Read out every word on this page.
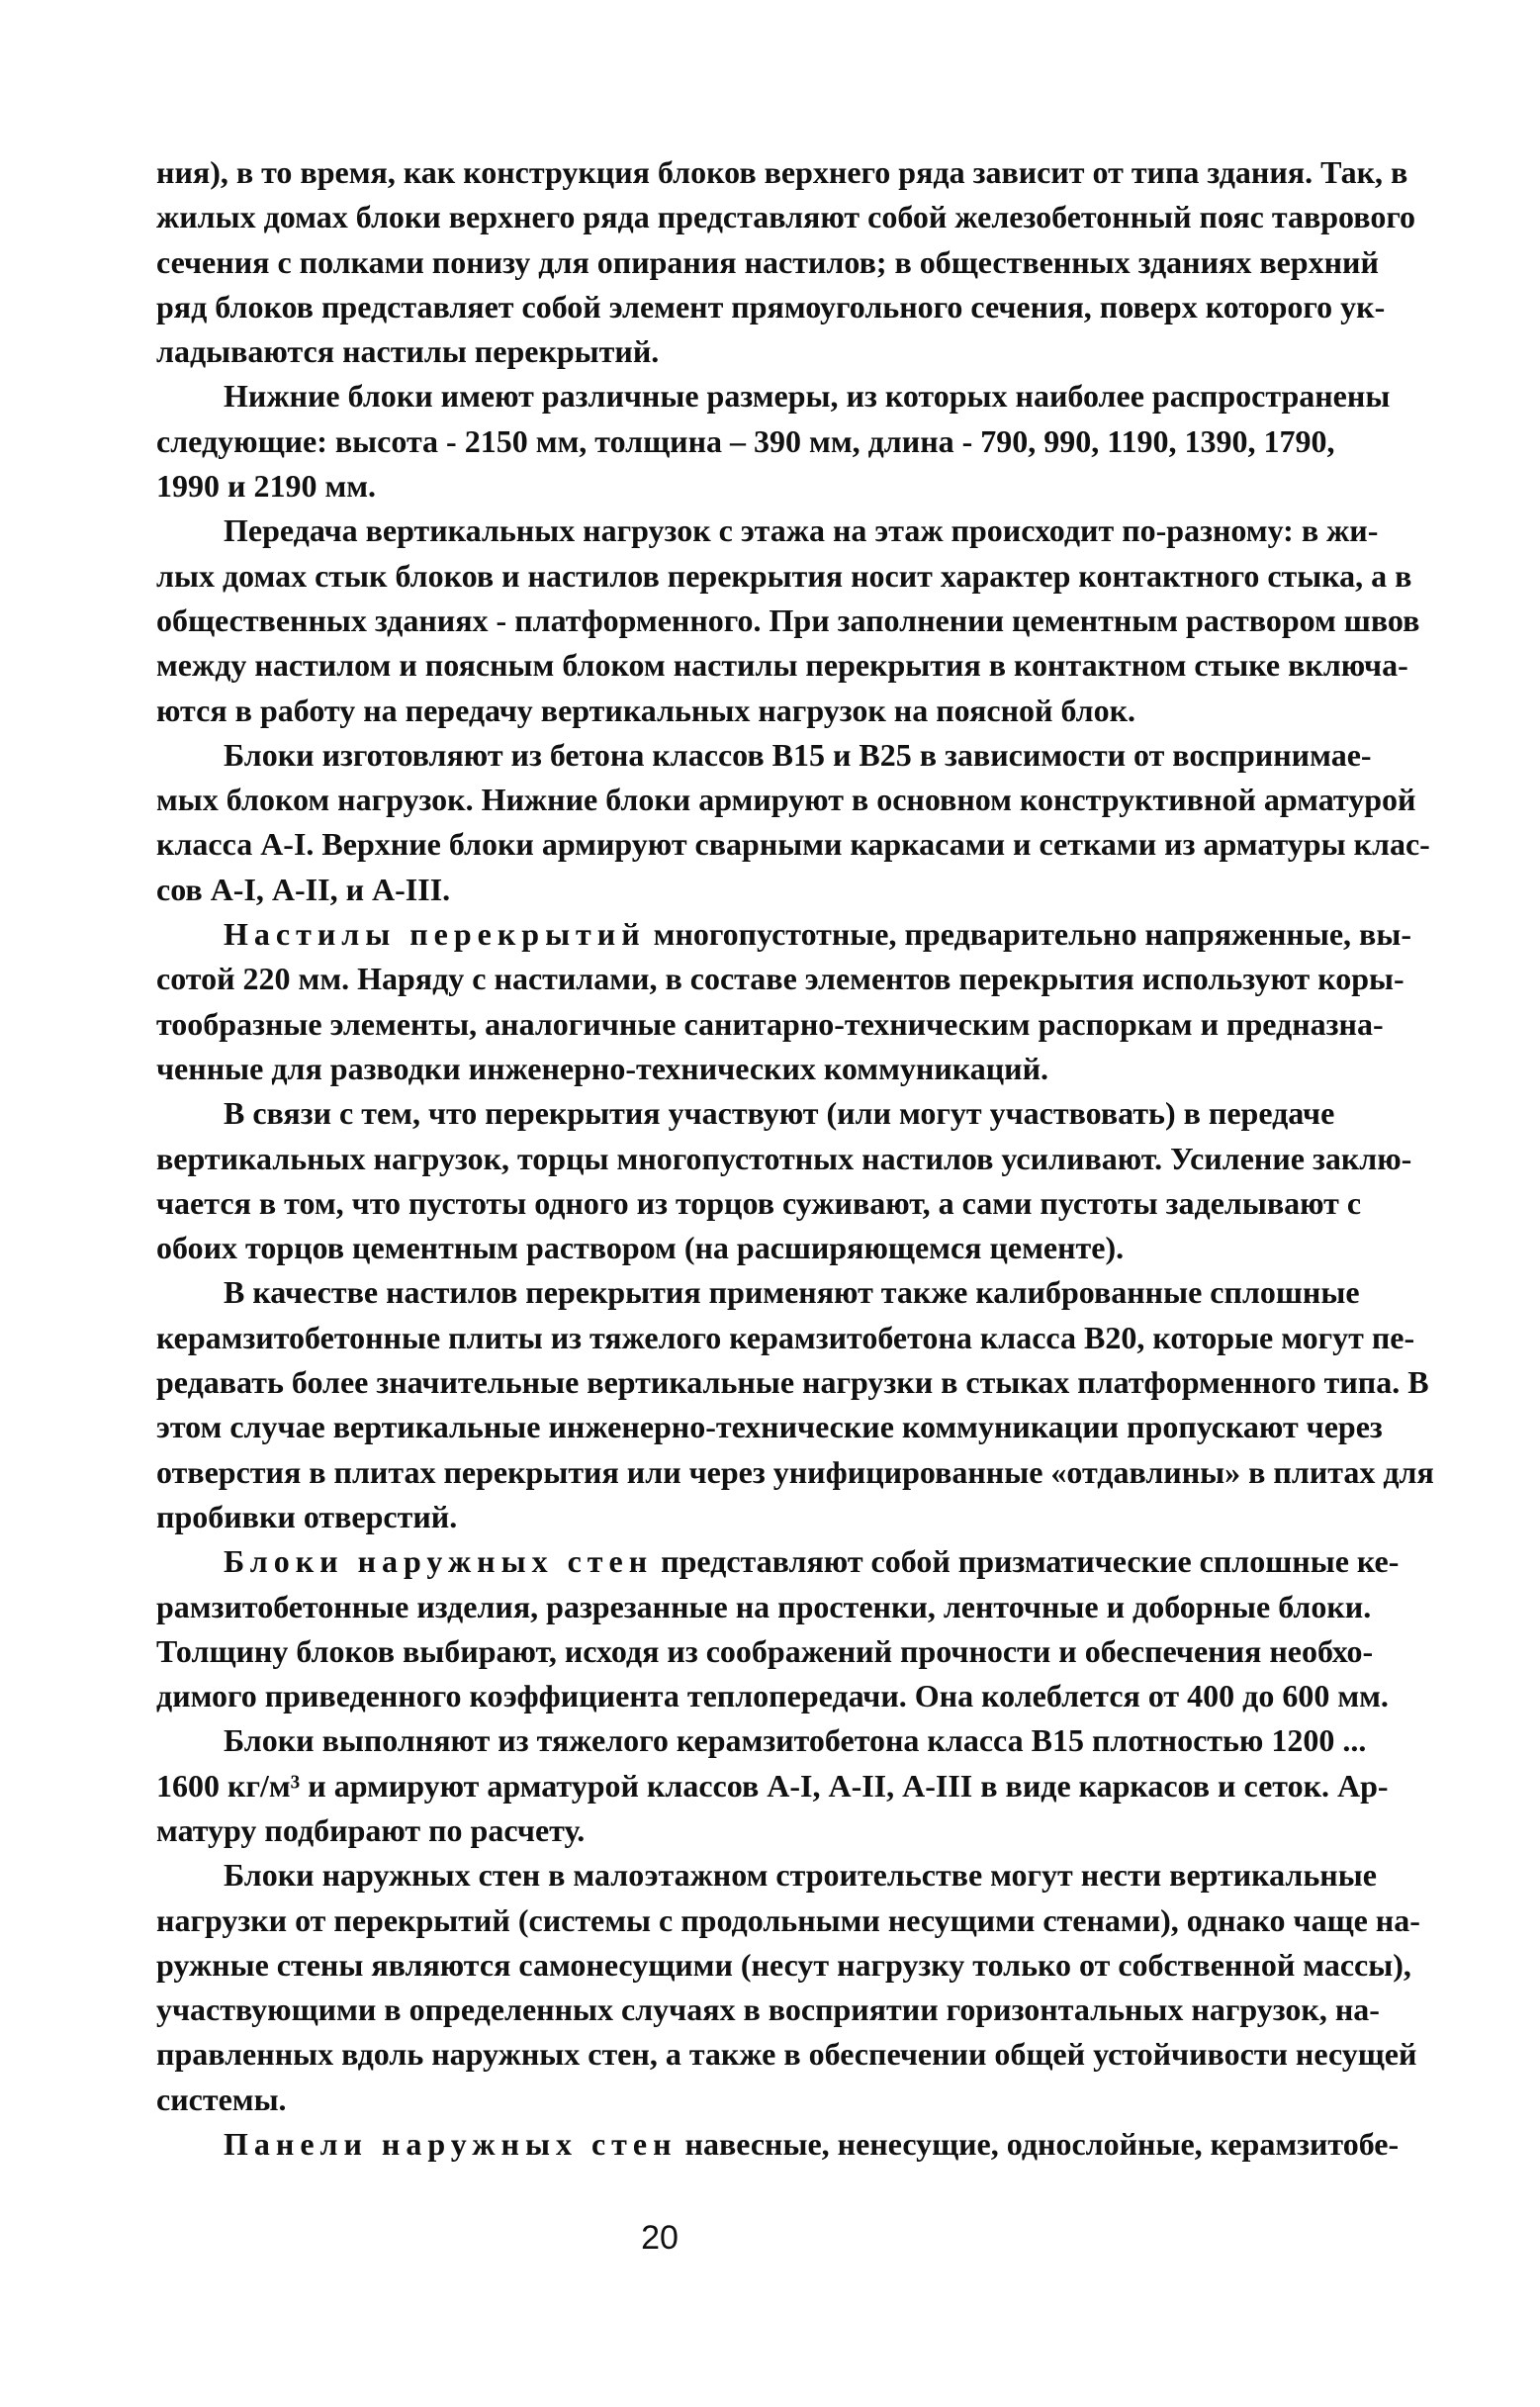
ния), в то время, как конструкция блоков верхнего ряда зависит от типа здания. Так, в
жилых домах блоки верхнего ряда представляют собой железобетонный пояс таврового
сечения с полками понизу для опирания настилов; в общественных зданиях верхний
ряд блоков представляет собой элемент прямоугольного сечения, поверх которого ук-
ладываются настилы перекрытий.
Нижние блоки имеют различные размеры, из которых наиболее распространены
следующие: высота - 2150 мм, толщина – 390 мм, длина - 790, 990, 1190, 1390, 1790,
1990 и 2190 мм.
Передача вертикальных нагрузок с этажа на этаж происходит по-разному: в жи-
лых домах стык блоков и настилов перекрытия носит характер контактного стыка, а в
общественных зданиях - платформенного. При заполнении цементным раствором швов
между настилом и поясным блоком настилы перекрытия в контактном стыке включа-
ются в работу на передачу вертикальных нагрузок на поясной блок.
Блоки изготовляют из бетона классов В15 и В25 в зависимости от воспринимае-
мых блоком нагрузок. Нижние блоки армируют в основном конструктивной арматурой
класса А-I. Верхние блоки армируют сварными каркасами и сетками из арматуры клас-
сов А-I, А-II, и А-III.
Настилы перекрытий многопустотные, предварительно напряженные, вы-
сотой 220 мм. Наряду с настилами, в составе элементов перекрытия используют коры-
тообразные элементы, аналогичные санитарно-техническим распоркам и предназна-
ченные для разводки инженерно-технических коммуникаций.
В связи с тем, что перекрытия участвуют (или могут участвовать) в передаче
вертикальных нагрузок, торцы многопустотных настилов усиливают. Усиление заклю-
чается в том, что пустоты одного из торцов суживают, а сами пустоты заделывают с
обоих торцов цементным раствором (на расширяющемся цементе).
В качестве настилов перекрытия применяют также калиброванные сплошные
керамзитобетонные плиты из тяжелого керамзитобетона класса В20, которые могут пе-
редавать более значительные вертикальные нагрузки в стыках платформенного типа. В
этом случае вертикальные инженерно-технические коммуникации пропускают через
отверстия в плитах перекрытия или через унифицированные «отдавлины» в плитах для
пробивки отверстий.
Блоки наружных стен представляют собой призматические сплошные ке-
рамзитобетонные изделия, разрезанные на простенки, ленточные и доборные блоки.
Толщину блоков выбирают, исходя из соображений прочности и обеспечения необхо-
димого приведенного коэффициента теплопередачи. Она колеблется от 400 до 600 мм.
Блоки выполняют из тяжелого керамзитобетона класса В15 плотностью 1200 ...
1600 кг/м³ и армируют арматурой классов А-I, А-II, А-III в виде каркасов и сеток. Ар-
матуру подбирают по расчету.
Блоки наружных стен в малоэтажном строительстве могут нести вертикальные
нагрузки от перекрытий (системы с продольными несущими стенами), однако чаще на-
ружные стены являются самонесущими (несут нагрузку только от собственной массы),
участвующими в определенных случаях в восприятии горизонтальных нагрузок, на-
правленных вдоль наружных стен, а также в обеспечении общей устойчивости несущей
системы.
Панели наружных стен навесные, ненесущие, однослойные, керамзитобе-
20
